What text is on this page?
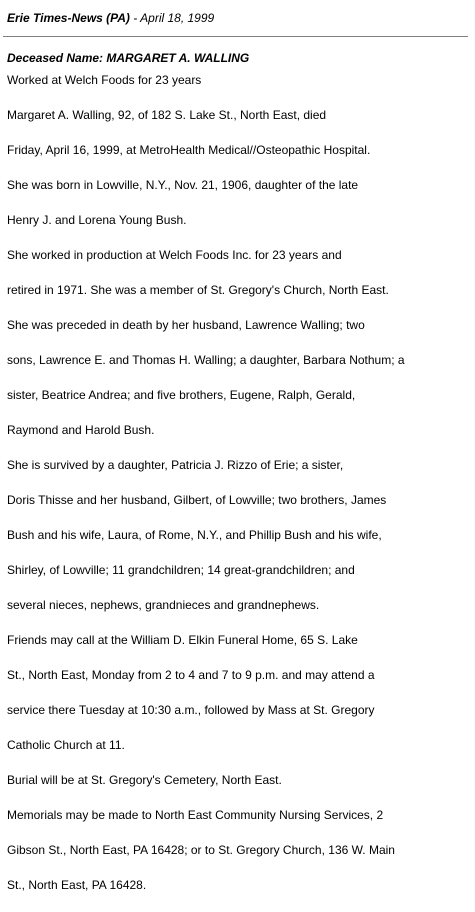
Erie Times-News (PA) - April 18, 1999
Deceased Name: MARGARET A. WALLING
Worked at Welch Foods for 23 years
Margaret A. Walling, 92, of 182 S. Lake St., North East, died
Friday, April 16, 1999, at MetroHealth Medical//Osteopathic Hospital.
She was born in Lowville, N.Y., Nov. 21, 1906, daughter of the late
Henry J. and Lorena Young Bush.
She worked in production at Welch Foods Inc. for 23 years and
retired in 1971. She was a member of St. Gregory's Church, North East.
She was preceded in death by her husband, Lawrence Walling; two
sons, Lawrence E. and Thomas H. Walling; a daughter, Barbara Nothum; a
sister, Beatrice Andrea; and five brothers, Eugene, Ralph, Gerald,
Raymond and Harold Bush.
She is survived by a daughter, Patricia J. Rizzo of Erie; a sister,
Doris Thisse and her husband, Gilbert, of Lowville; two brothers, James
Bush and his wife, Laura, of Rome, N.Y., and Phillip Bush and his wife,
Shirley, of Lowville; 11 grandchildren; 14 great-grandchildren; and
several nieces, nephews, grandnieces and grandnephews.
Friends may call at the William D. Elkin Funeral Home, 65 S. Lake
St., North East, Monday from 2 to 4 and 7 to 9 p.m. and may attend a
service there Tuesday at 10:30 a.m., followed by Mass at St. Gregory
Catholic Church at 11.
Burial will be at St. Gregory's Cemetery, North East.
Memorials may be made to North East Community Nursing Services, 2
Gibson St., North East, PA 16428; or to St. Gregory Church, 136 W. Main
St., North East, PA 16428.
